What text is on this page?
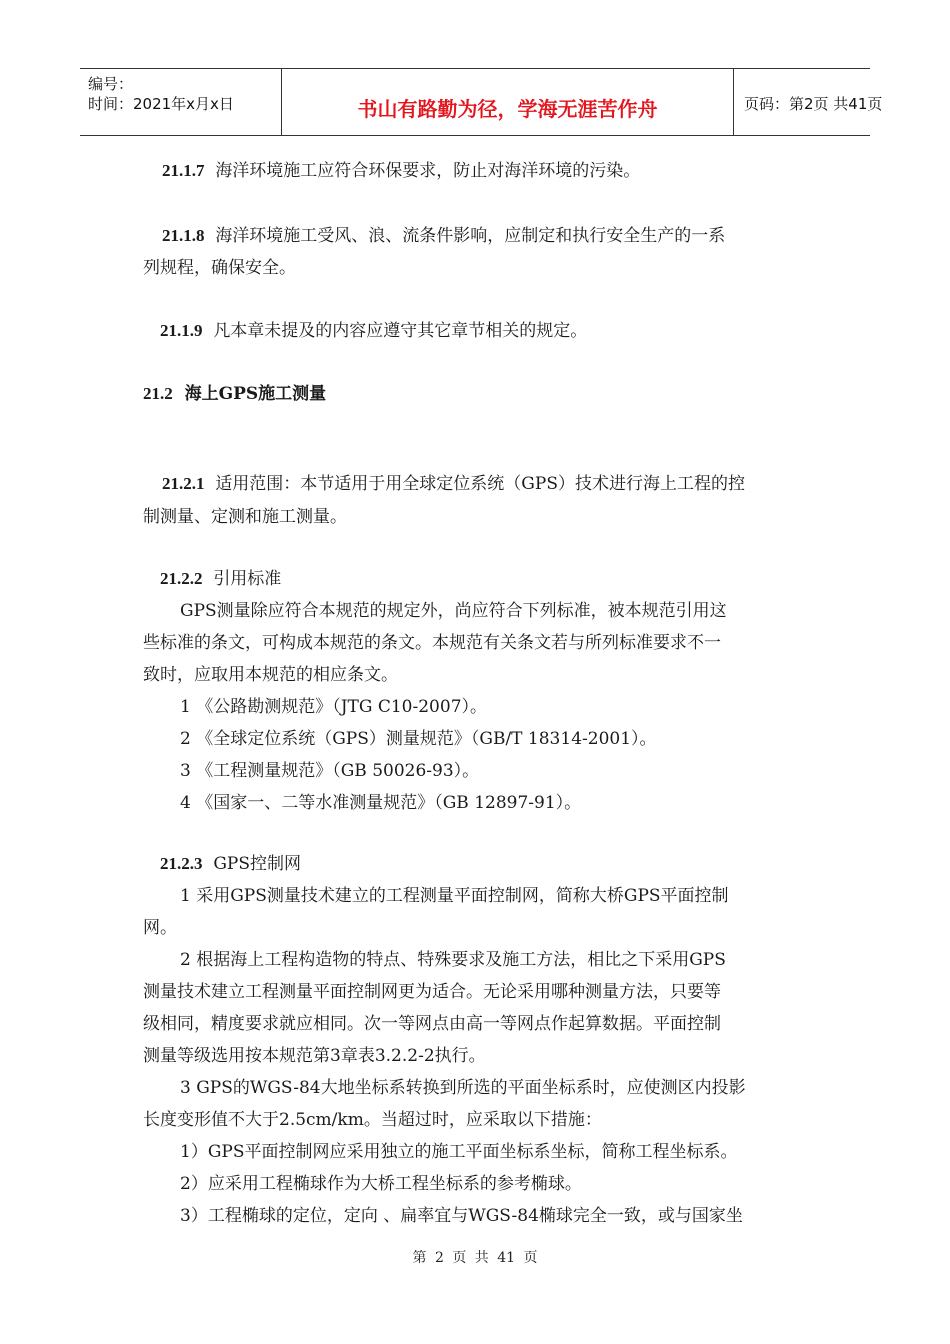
编号：
时间：2021年x月x日	书山有路勤为径，学海无涯苦作舟	页码：第2页 共41页
21.1.7 海洋环境施工应符合环保要求，防止对海洋环境的污染。
21.1.8 海洋环境施工受风、浪、流条件影响，应制定和执行安全生产的一系
列规程，确保安全。
21.1.9 凡本章未提及的内容应遵守其它章节相关的规定。
21.2 海上GPS施工测量
21.2.1 适用范围：本节适用于用全球定位系统（GPS）技术进行海上工程的控
制测量、定测和施工测量。
21.2.2 引用标准
GPS测量除应符合本规范的规定外，尚应符合下列标准，被本规范引用这
些标准的条文，可构成本规范的条文。本规范有关条文若与所列标准要求不一
致时，应取用本规范的相应条文。
1 《公路勘测规范》（JTG C10-2007）。
2 《全球定位系统（GPS）测量规范》（GB/T 18314-2001）。
3 《工程测量规范》（GB 50026-93）。
4 《国家一、二等水准测量规范》（GB 12897-91）。
21.2.3 GPS控制网
1 采用GPS测量技术建立的工程测量平面控制网，简称大桥GPS平面控制
网。
2 根据海上工程构造物的特点、特殊要求及施工方法，相比之下采用GPS
测量技术建立工程测量平面控制网更为适合。无论采用哪种测量方法，只要等
级相同，精度要求就应相同。次一等网点由高一等网点作起算数据。平面控制
测量等级选用按本规范第3章表3.2.2-2执行。
3 GPS的WGS-84大地坐标系转换到所选的平面坐标系时，应使测区内投影
长度变形值不大于2.5cm/km。当超过时，应采取以下措施：
1）GPS平面控制网应采用独立的施工平面坐标系坐标，简称工程坐标系。
2）应采用工程椭球作为大桥工程坐标系的参考椭球。
3）工程椭球的定位，定向 、扁率宜与WGS-84椭球完全一致，或与国家坐
第 2 页 共 41 页
